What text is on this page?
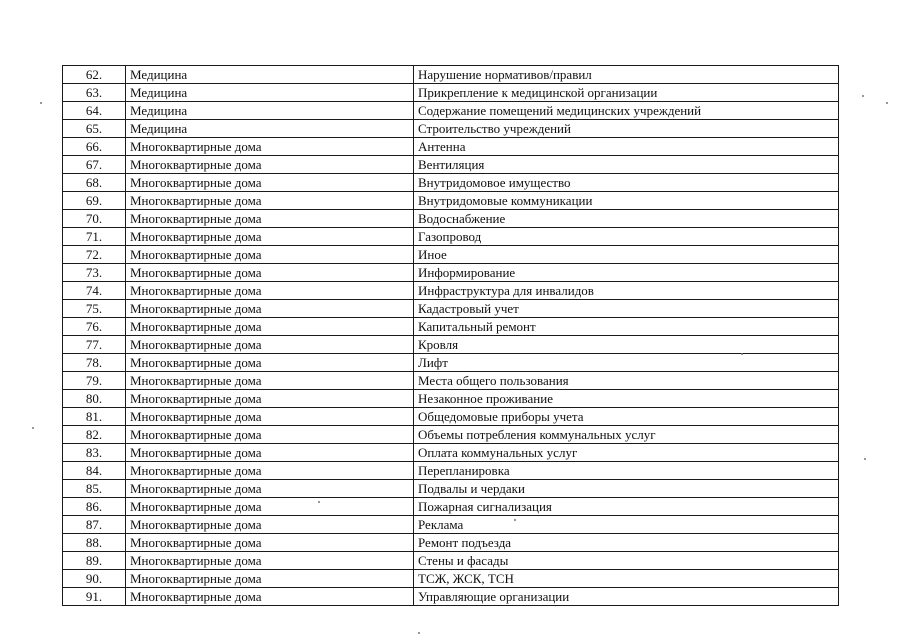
62.	Медицина	Нарушение нормативов/правил
63.	Медицина	Прикрепление к медицинской организации
64.	Медицина	Содержание помещений медицинских учреждений
65.	Медицина	Строительство учреждений
66.	Многоквартирные дома	Антенна
67.	Многоквартирные дома	Вентиляция
68.	Многоквартирные дома	Внутридомовое имущество
69.	Многоквартирные дома	Внутридомовые коммуникации
70.	Многоквартирные дома	Водоснабжение
71.	Многоквартирные дома	Газопровод
72.	Многоквартирные дома	Иное
73.	Многоквартирные дома	Информирование
74.	Многоквартирные дома	Инфраструктура для инвалидов
75.	Многоквартирные дома	Кадастровый учет
76.	Многоквартирные дома	Капитальный ремонт
77.	Многоквартирные дома	Кровля
78.	Многоквартирные дома	Лифт
79.	Многоквартирные дома	Места общего пользования
80.	Многоквартирные дома	Незаконное проживание
81.	Многоквартирные дома	Общедомовые приборы учета
82.	Многоквартирные дома	Объемы потребления коммунальных услуг
83.	Многоквартирные дома	Оплата коммунальных услуг
84.	Многоквартирные дома	Перепланировка
85.	Многоквартирные дома	Подвалы и чердаки
86.	Многоквартирные дома	Пожарная сигнализация
87.	Многоквартирные дома	Реклама
88.	Многоквартирные дома	Ремонт подъезда
89.	Многоквартирные дома	Стены и фасады
90.	Многоквартирные дома	ТСЖ, ЖСК, ТСН
91.	Многоквартирные дома	Управляющие организации
